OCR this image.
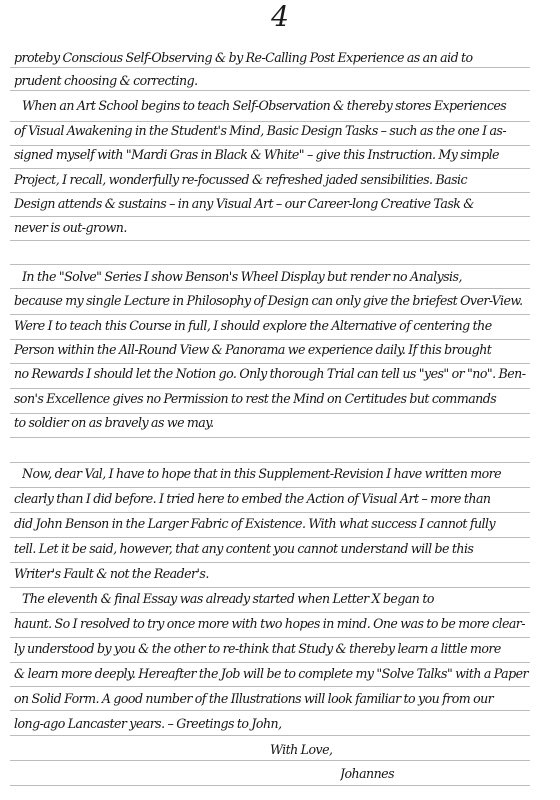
4
proteby Conscious Self-Observing & by Re-Calling Post Experience as an aid to
prudent choosing & correcting.
When an Art School begins to teach Self-Observation & thereby stores Experiences
of Visual Awakening in the Student's Mind, Basic Design Tasks – such as the one I as-
signed myself with "Mardi Gras in Black & White" – give this Instruction. My simple
Project, I recall, wonderfully re-focussed & refreshed jaded sensibilities. Basic
Design attends & sustains – in any Visual Art – our Career-long Creative Task &
never is out-grown.
In the "Solve" Series I show Benson's Wheel Display but render no Analysis,
because my single Lecture in Philosophy of Design can only give the briefest Over-View.
Were I to teach this Course in full, I should explore the Alternative of centering the
Person within the All-Round View & Panorama we experience daily. If this brought
no Rewards I should let the Notion go. Only thorough Trial can tell us "yes" or "no". Ben-
son's Excellence gives no Permission to rest the Mind on Certitudes but commands
to soldier on as bravely as we may.
Now, dear Val, I have to hope that in this Supplement-Revision I have written more
clearly than I did before. I tried here to embed the Action of Visual Art – more than
did John Benson in the Larger Fabric of Existence. With what success I cannot fully
tell. Let it be said, however, that any content you cannot understand will be this
Writer's Fault & not the Reader's.
The eleventh & final Essay was already started when Letter X began to
haunt. So I resolved to try once more with two hopes in mind. One was to be more clear-
ly understood by you & the other to re-think that Study & thereby learn a little more
& learn more deeply. Hereafter the Job will be to complete my "Solve Talks" with a Paper
on Solid Form. A good number of the Illustrations will look familiar to you from our
long-ago Lancaster years. – Greetings to John,
With Love,
Johannes
